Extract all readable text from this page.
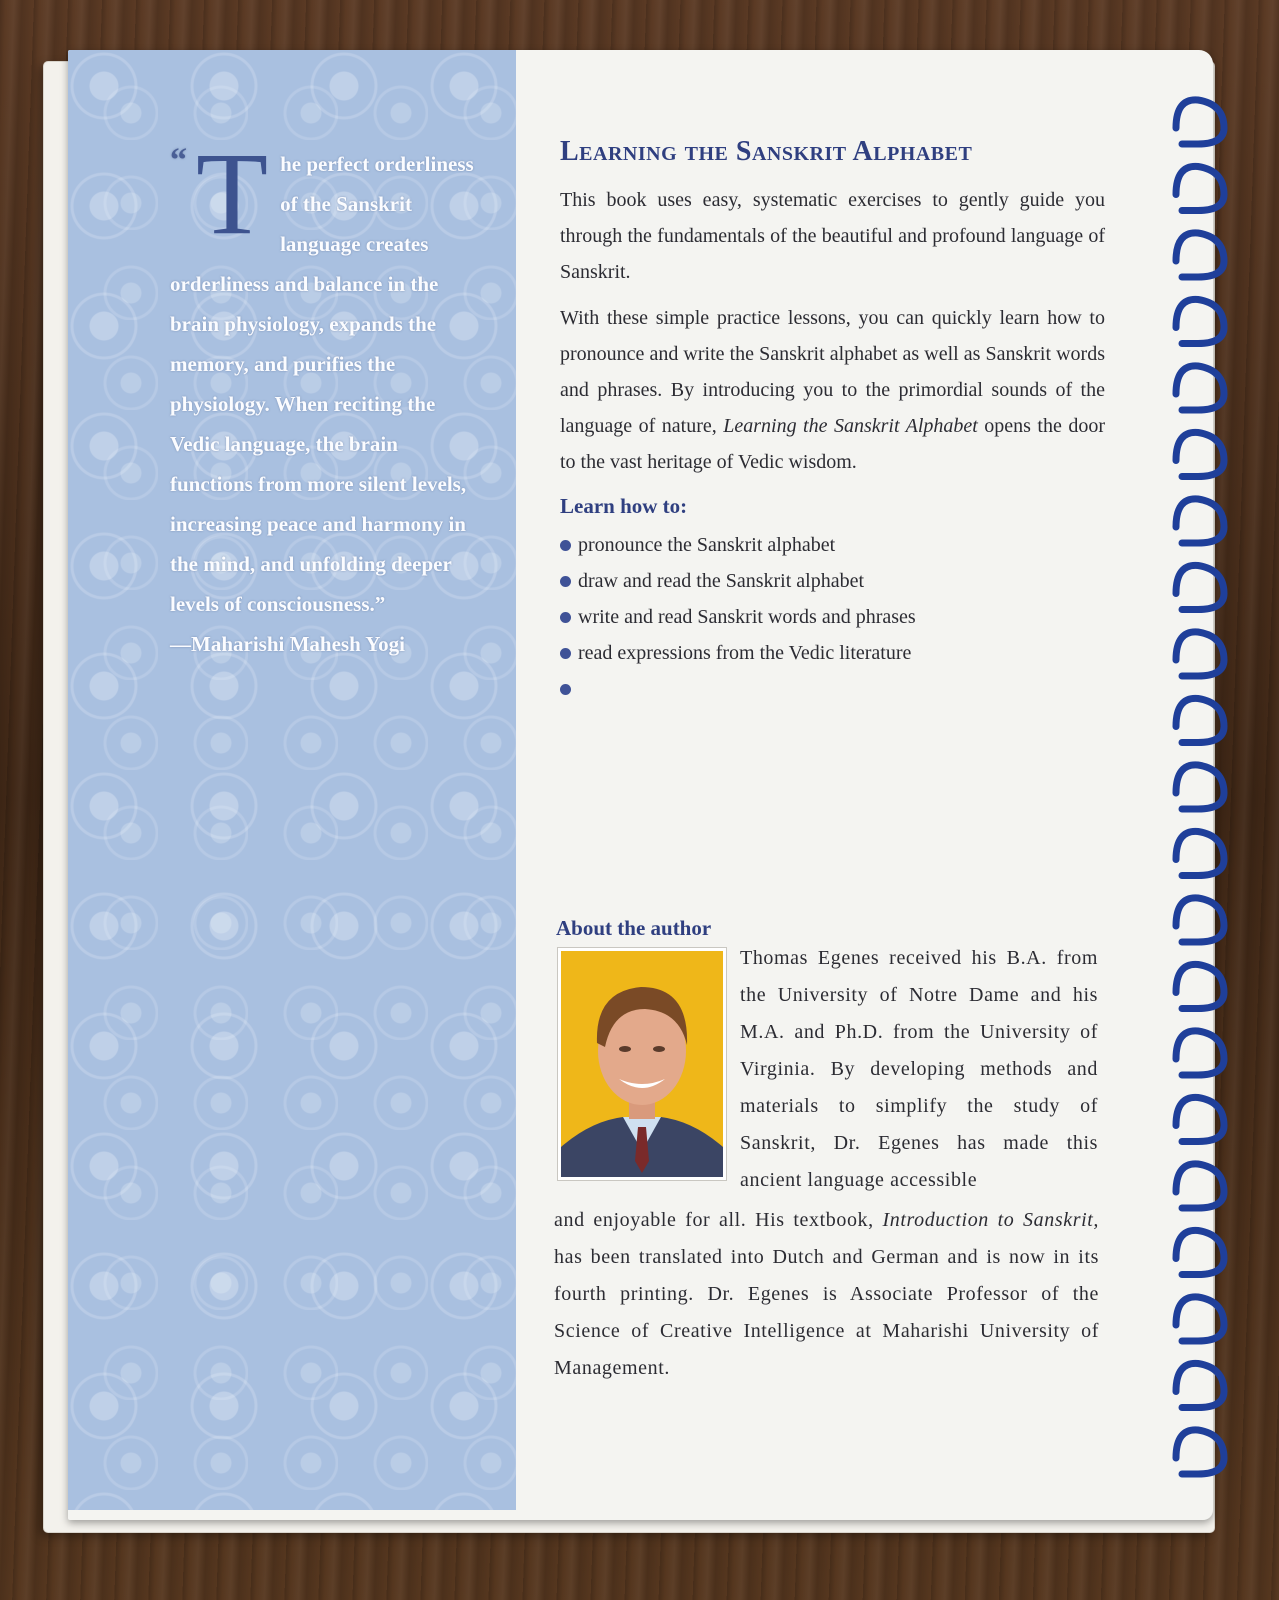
“ T he perfect orderliness of the Sanskrit language creates orderliness and balance in the brain physiology, expands the memory, and purifies the physiology. When reciting the Vedic language, the brain functions from more silent levels, increasing peace and harmony in the mind, and unfolding deeper levels of consciousness.”
—Maharishi Mahesh Yogi
Learning the Sanskrit Alphabet

This book uses easy, systematic exercises to gently guide you through the fundamentals of the beautiful and profound language of Sanskrit.

With these simple practice lessons, you can quickly learn how to pronounce and write the Sanskrit alphabet as well as Sanskrit words and phrases. By introducing you to the primordial sounds of the language of nature, Learning the Sanskrit Alphabet opens the door to the vast heritage of Vedic wisdom.

Learn how to:
pronounce the Sanskrit alphabet
draw and read the Sanskrit alphabet
write and read Sanskrit words and phrases
read expressions from the Vedic literature
About the author
Thomas Egenes received his B.A. from the University of Notre Dame and his M.A. and Ph.D. from the University of Virginia. By developing methods and materials to simplify the study of Sanskrit, Dr. Egenes has made this ancient language accessible
and enjoyable for all. His textbook, Introduction to Sanskrit, has been translated into Dutch and German and is now in its fourth printing. Dr. Egenes is Associate Professor of the Science of Creative Intelligence at Maharishi University of Management.
